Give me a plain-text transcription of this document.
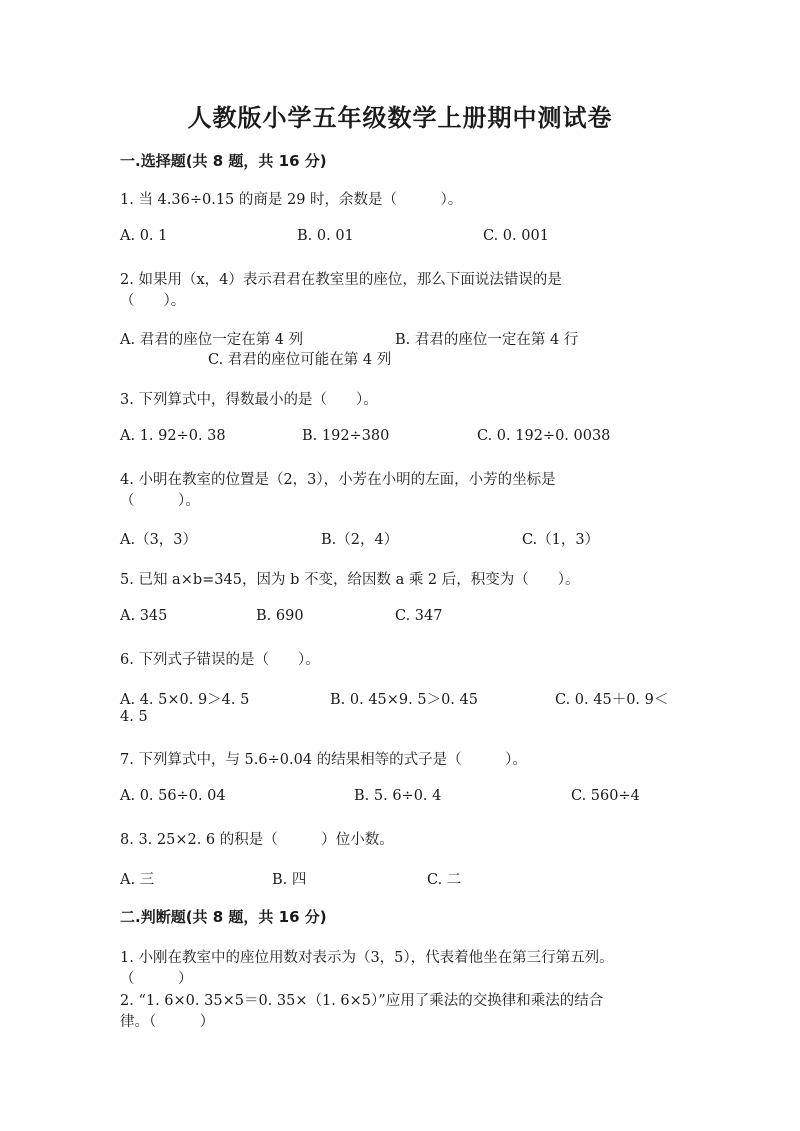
人教版小学五年级数学上册期中测试卷
一.选择题(共 8 题，共 16 分)
1. 当 4.36÷0.15 的商是 29 时，余数是（　　　）。
A. 0. 1	B. 0. 01	C. 0. 001
2. 如果用（x，4）表示君君在教室里的座位，那么下面说法错误的是
（　　）。
A. 君君的座位一定在第 4 列	B. 君君的座位一定在第 4 行
C. 君君的座位可能在第 4 列
3. 下列算式中，得数最小的是（　　）。
A. 1. 92÷0. 38	B. 192÷380	C. 0. 192÷0. 0038
4. 小明在教室的位置是（2，3），小芳在小明的左面，小芳的坐标是
（　　　）。
A.（3，3）	B.（2，4）	C.（1，3）
5. 已知 a×b=345，因为 b 不变，给因数 a 乘 2 后，积变为（　　）。
A. 345	B. 690	C. 347
6. 下列式子错误的是（　　）。
A. 4. 5×0. 9＞4. 5	B. 0. 45×9. 5＞0. 45	C. 0. 45＋0. 9＜
4. 5
7. 下列算式中，与 5.6÷0.04 的结果相等的式子是（　　　）。
A. 0. 56÷0. 04	B. 5. 6÷0. 4	C. 560÷4
8. 3. 25×2. 6 的积是（　　　）位小数。
A. 三	B. 四	C. 二
二.判断题(共 8 题，共 16 分)
1. 小刚在教室中的座位用数对表示为（3，5），代表着他坐在第三行第五列。
（　　　）
2. “1. 6×0. 35×5＝0. 35×（1. 6×5）”应用了乘法的交换律和乘法的结合
律。（　　　）
